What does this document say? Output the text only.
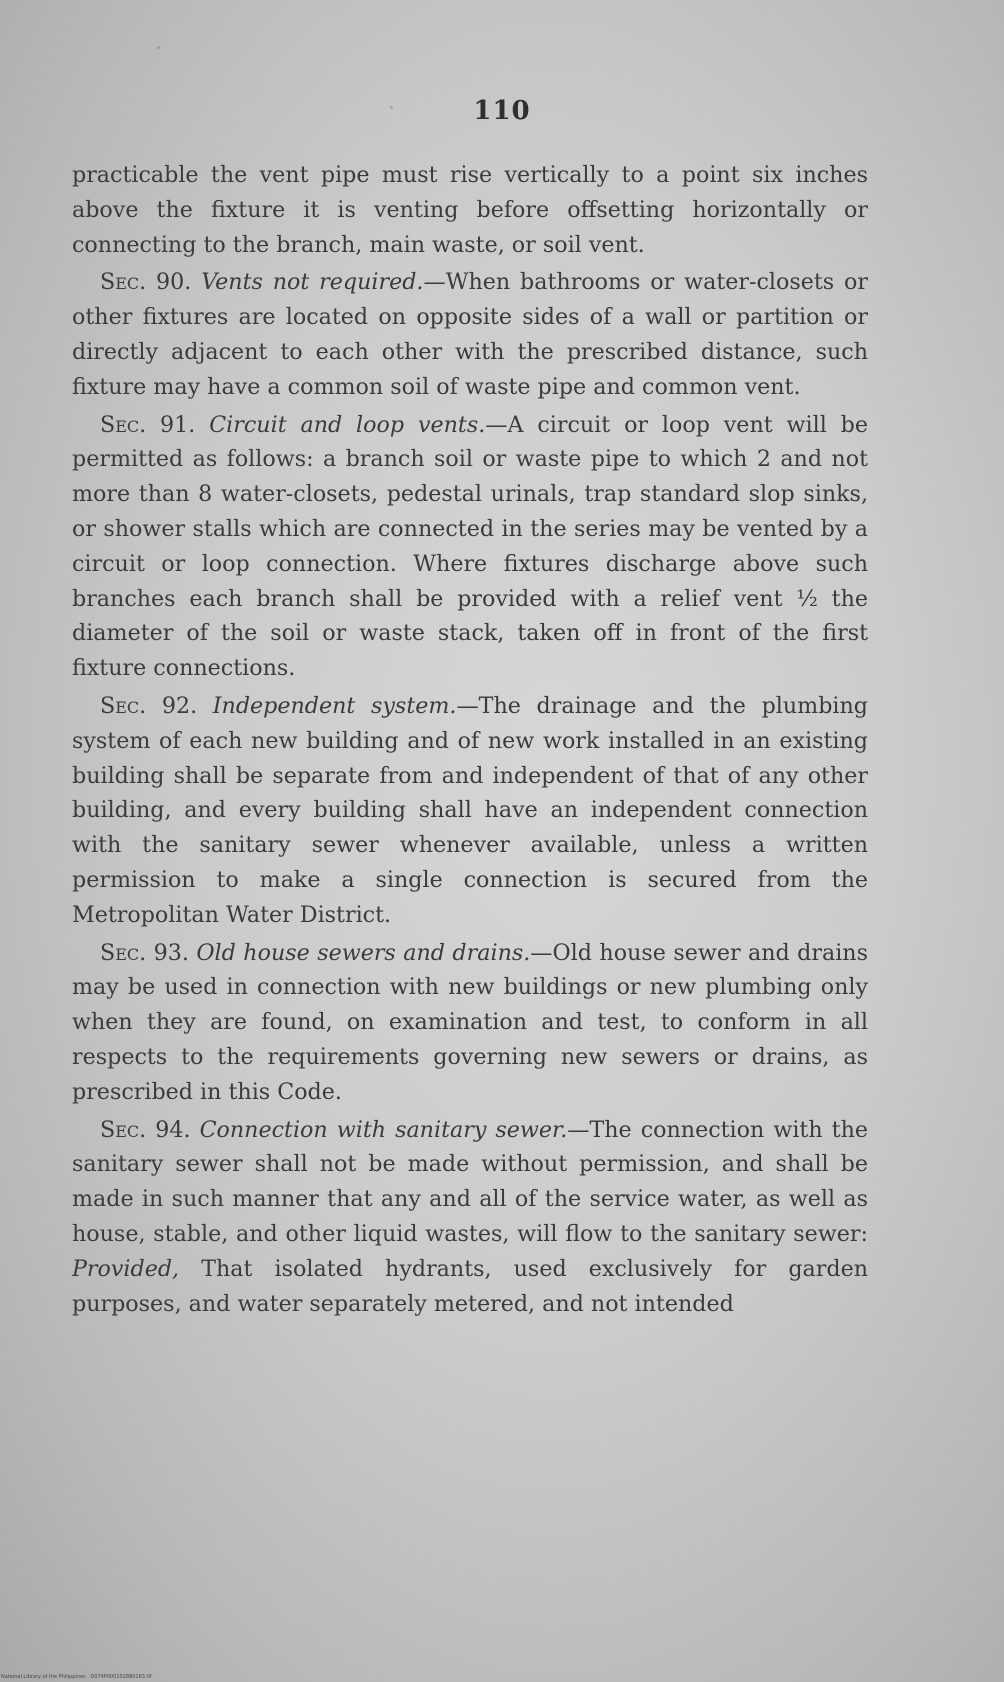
110

practicable the vent pipe must rise vertically to a point six inches above the fixture it is venting before offsetting horizontally or connecting to the branch, main waste, or soil vent.

Sec. 90. Vents not required.—When bathrooms or water-closets or other fixtures are located on opposite sides of a wall or partition or directly adjacent to each other with the prescribed distance, such fixture may have a common soil of waste pipe and common vent.

Sec. 91. Circuit and loop vents.—A circuit or loop vent will be permitted as follows: a branch soil or waste pipe to which 2 and not more than 8 water-closets, pedestal urinals, trap standard slop sinks, or shower stalls which are connected in the series may be vented by a circuit or loop connection. Where fixtures discharge above such branches each branch shall be provided with a relief vent ½ the diameter of the soil or waste stack, taken off in front of the first fixture connections.

Sec. 92. Independent system.—The drainage and the plumbing system of each new building and of new work installed in an existing building shall be separate from and independent of that of any other building, and every building shall have an independent connection with the sanitary sewer whenever available, unless a written permission to make a single connection is secured from the Metropolitan Water District.

Sec. 93. Old house sewers and drains.—Old house sewer and drains may be used in connection with new buildings or new plumbing only when they are found, on examination and test, to conform in all respects to the requirements governing new sewers or drains, as prescribed in this Code.

Sec. 94. Connection with sanitary sewer.—The connection with the sanitary sewer shall not be made without permission, and shall be made in such manner that any and all of the service water, as well as house, stable, and other liquid wastes, will flow to the sanitary sewer: Provided, That isolated hydrants, used exclusively for garden purposes, and water separately metered, and not intended

National Library of the Philippines · D074P000102880163.tif
